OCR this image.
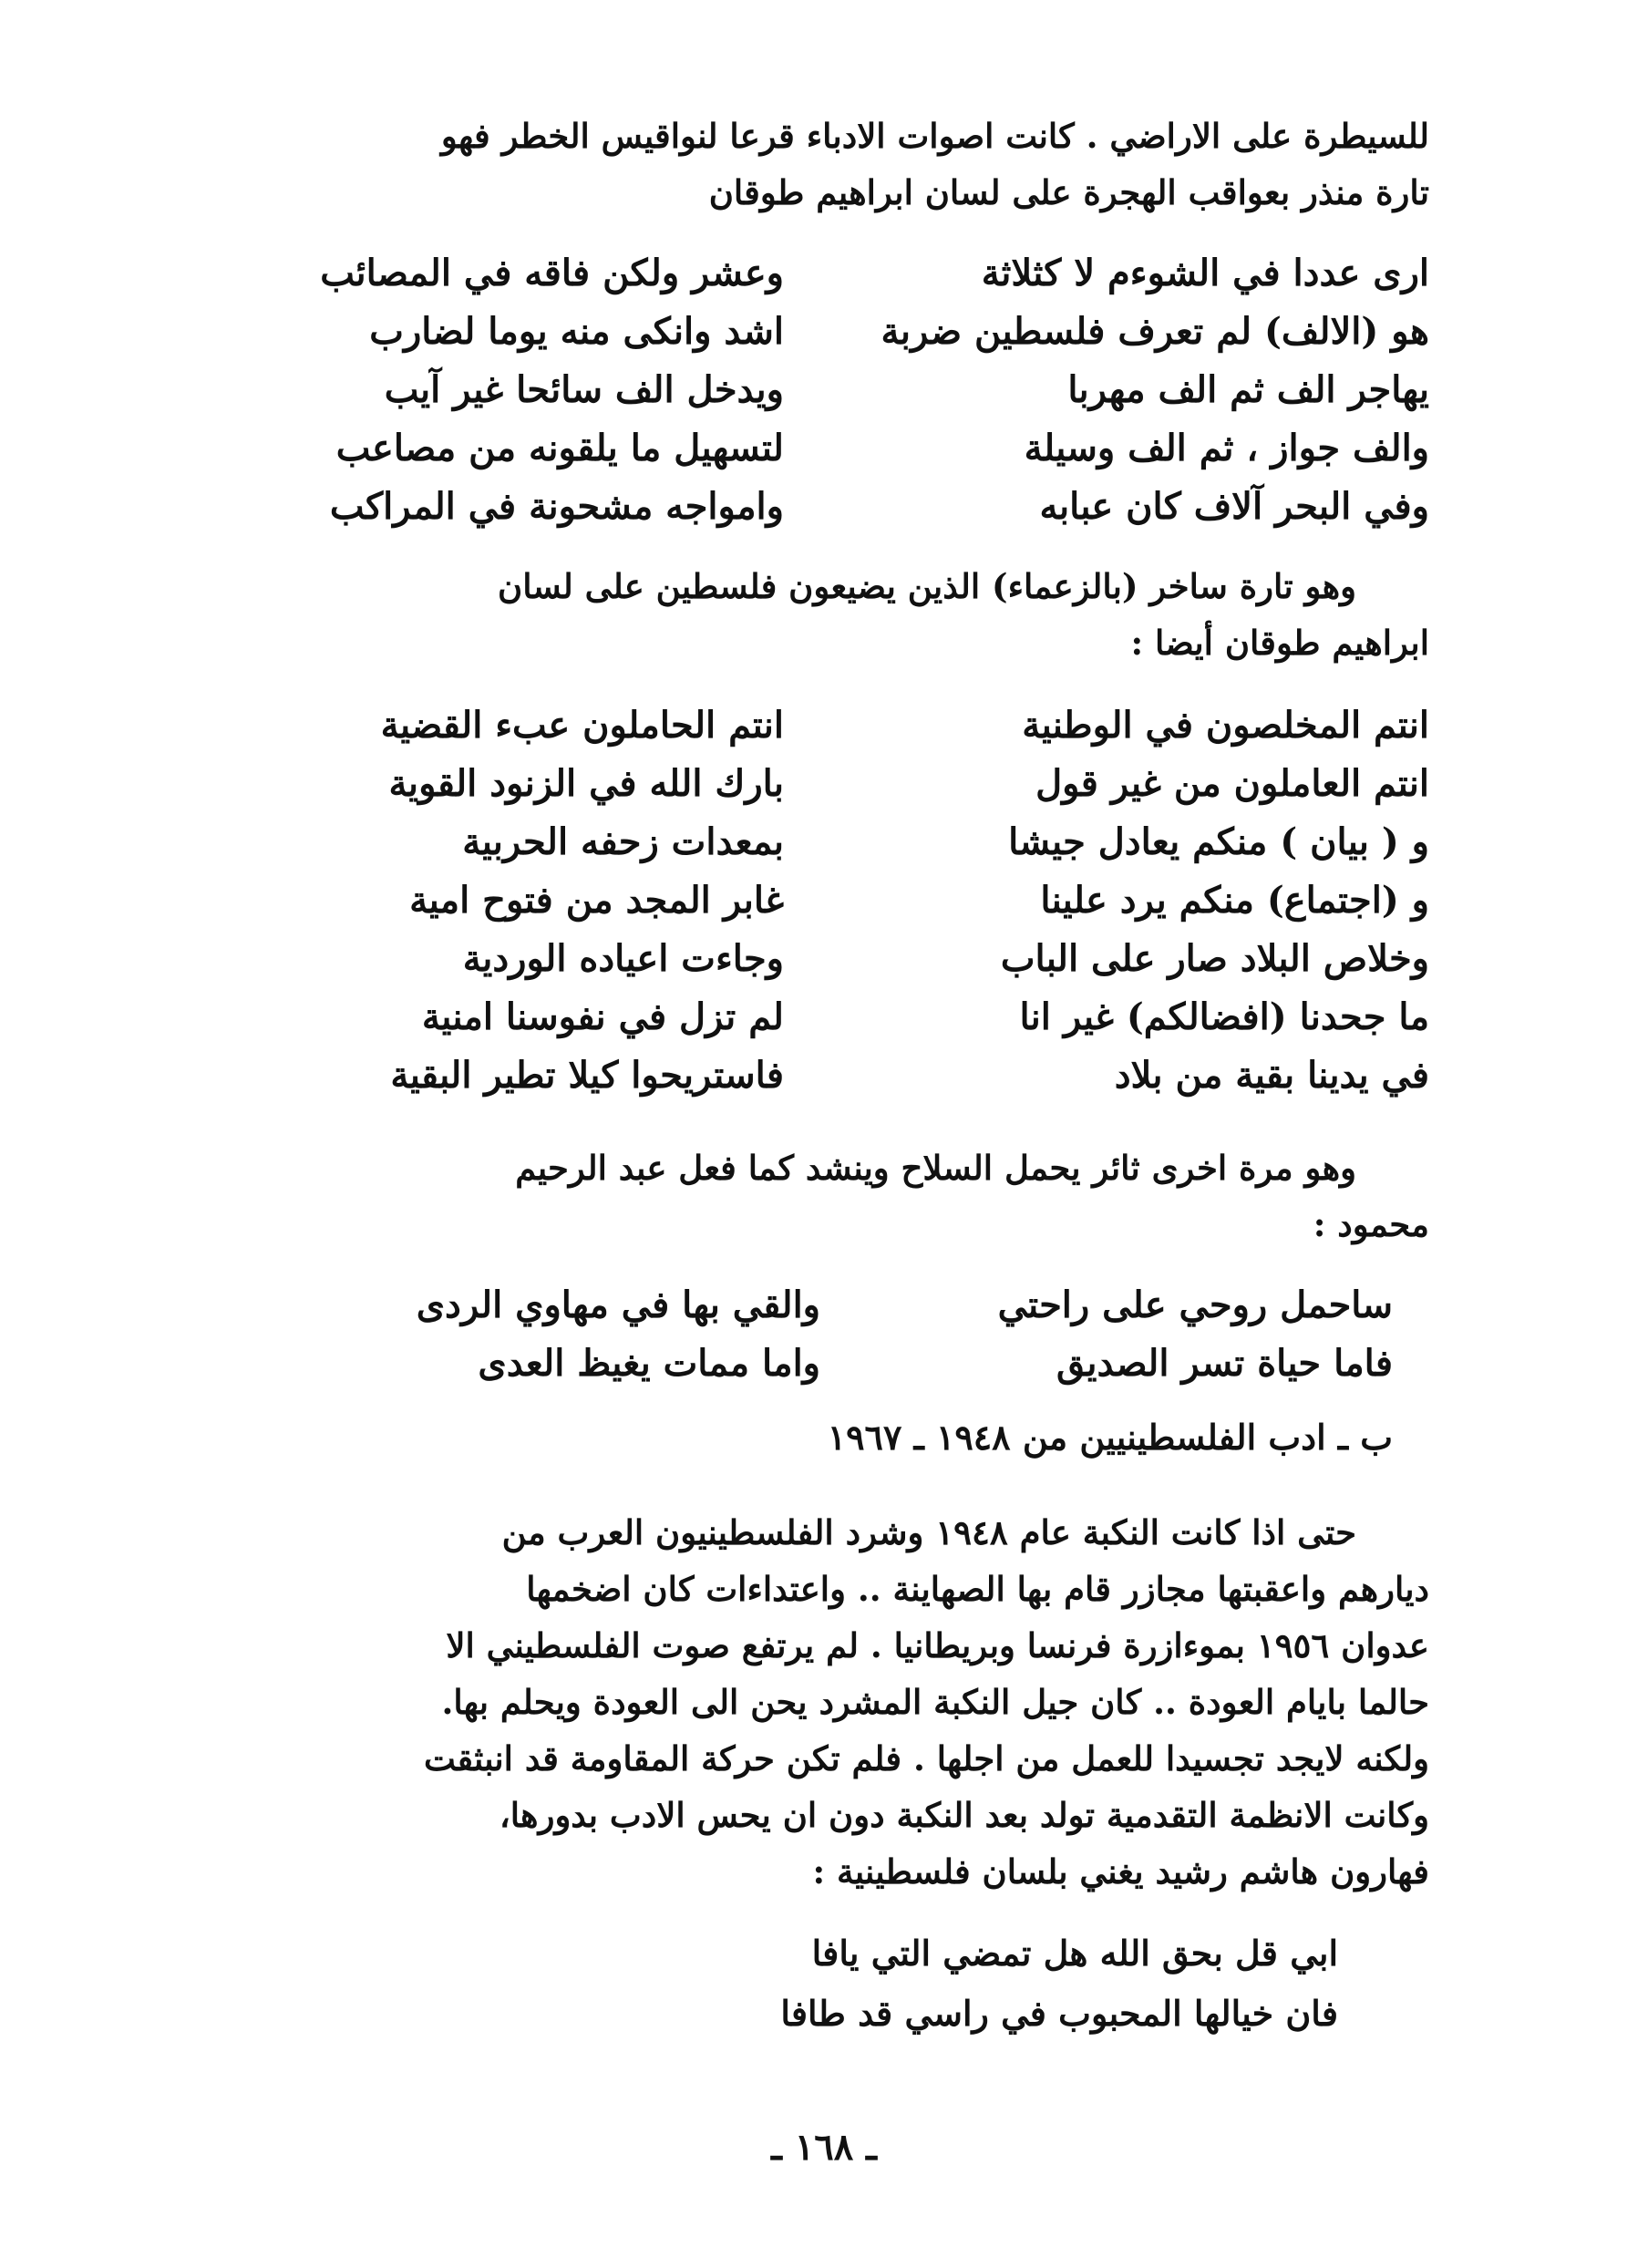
للسيطرة على الاراضي . كانت اصوات الادباء قرعا لنواقيس الخطر فهو
تارة منذر بعواقب الهجرة على لسان ابراهيم طوقان
ارى عددا في الشوءم لا كثلاثة
وعشر ولكن فاقه في المصائب
هو (الالف) لم تعرف فلسطين ضربة
اشد وانكى منه يوما لضارب
يهاجر الف ثم الف مهربا
ويدخل الف سائحا غير آيب
والف جواز ، ثم الف وسيلة
لتسهيل ما يلقونه من مصاعب
وفي البحر آلاف كان عبابه
وامواجه مشحونة في المراكب
وهو تارة ساخر (بالزعماء) الذين يضيعون فلسطين على لسان
ابراهيم طوقان أيضا :
انتم المخلصون في الوطنية
انتم الحاملون عبء القضية
انتم العاملون من غير قول
بارك الله في الزنود القوية
و ( بيان ) منكم يعادل جيشا
بمعدات زحفه الحربية
و (اجتماع) منكم يرد علينا
غابر المجد من فتوح امية
وخلاص البلاد صار على الباب
وجاءت اعياده الوردية
ما جحدنا (افضالكم) غير انا
لم تزل في نفوسنا امنية
في يدينا بقية من بلاد
فاستريحوا كيلا تطير البقية
وهو مرة اخرى ثائر يحمل السلاح وينشد كما فعل عبد الرحيم
محمود :
ساحمل روحي على راحتي
والقي بها في مهاوي الردى
فاما حياة تسر الصديق
واما ممات يغيظ العدى
ب ـ ادب الفلسطينيين من ١٩٤٨ ـ ١٩٦٧
حتى اذا كانت النكبة عام ١٩٤٨ وشرد الفلسطينيون العرب من
ديارهم واعقبتها مجازر قام بها الصهاينة .. واعتداءات كان اضخمها
عدوان ١٩٥٦ بموءازرة فرنسا وبريطانيا . لم يرتفع صوت الفلسطيني الا
حالما بايام العودة .. كان جيل النكبة المشرد يحن الى العودة ويحلم بها.
ولكنه لايجد تجسيدا للعمل من اجلها . فلم تكن حركة المقاومة قد انبثقت
وكانت الانظمة التقدمية تولد بعد النكبة دون ان يحس الادب بدورها،
فهارون هاشم رشيد يغني بلسان فلسطينية :
ابي قل بحق الله هل تمضي التي يافا
فان خيالها المحبوب في راسي قد طافا
ـ ١٦٨ ـ
